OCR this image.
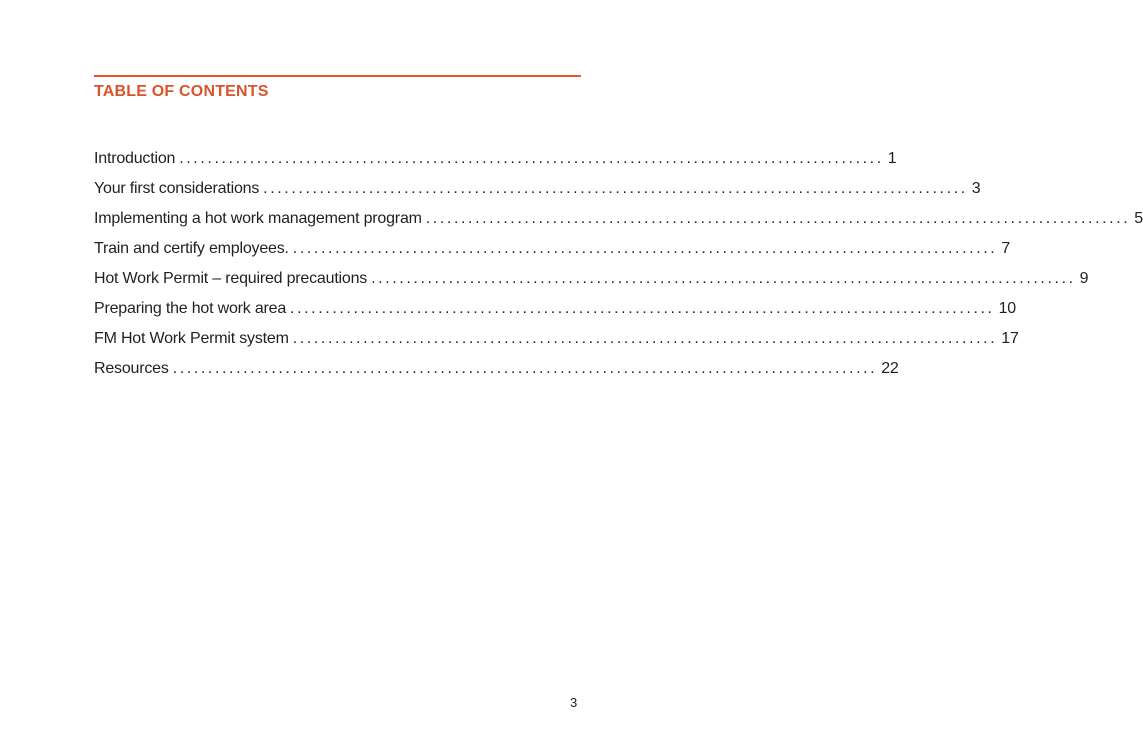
TABLE OF CONTENTS
Introduction .................................................................................................... 1
Your first considerations .................................................................................................... 3
Implementing a hot work management program .................................................................................................... 5
Train and certify employees. .................................................................................................... 7
Hot Work Permit – required precautions .................................................................................................... 9
Preparing the hot work area .................................................................................................... 10
FM Hot Work Permit system .................................................................................................... 17
Resources .................................................................................................... 22
3
